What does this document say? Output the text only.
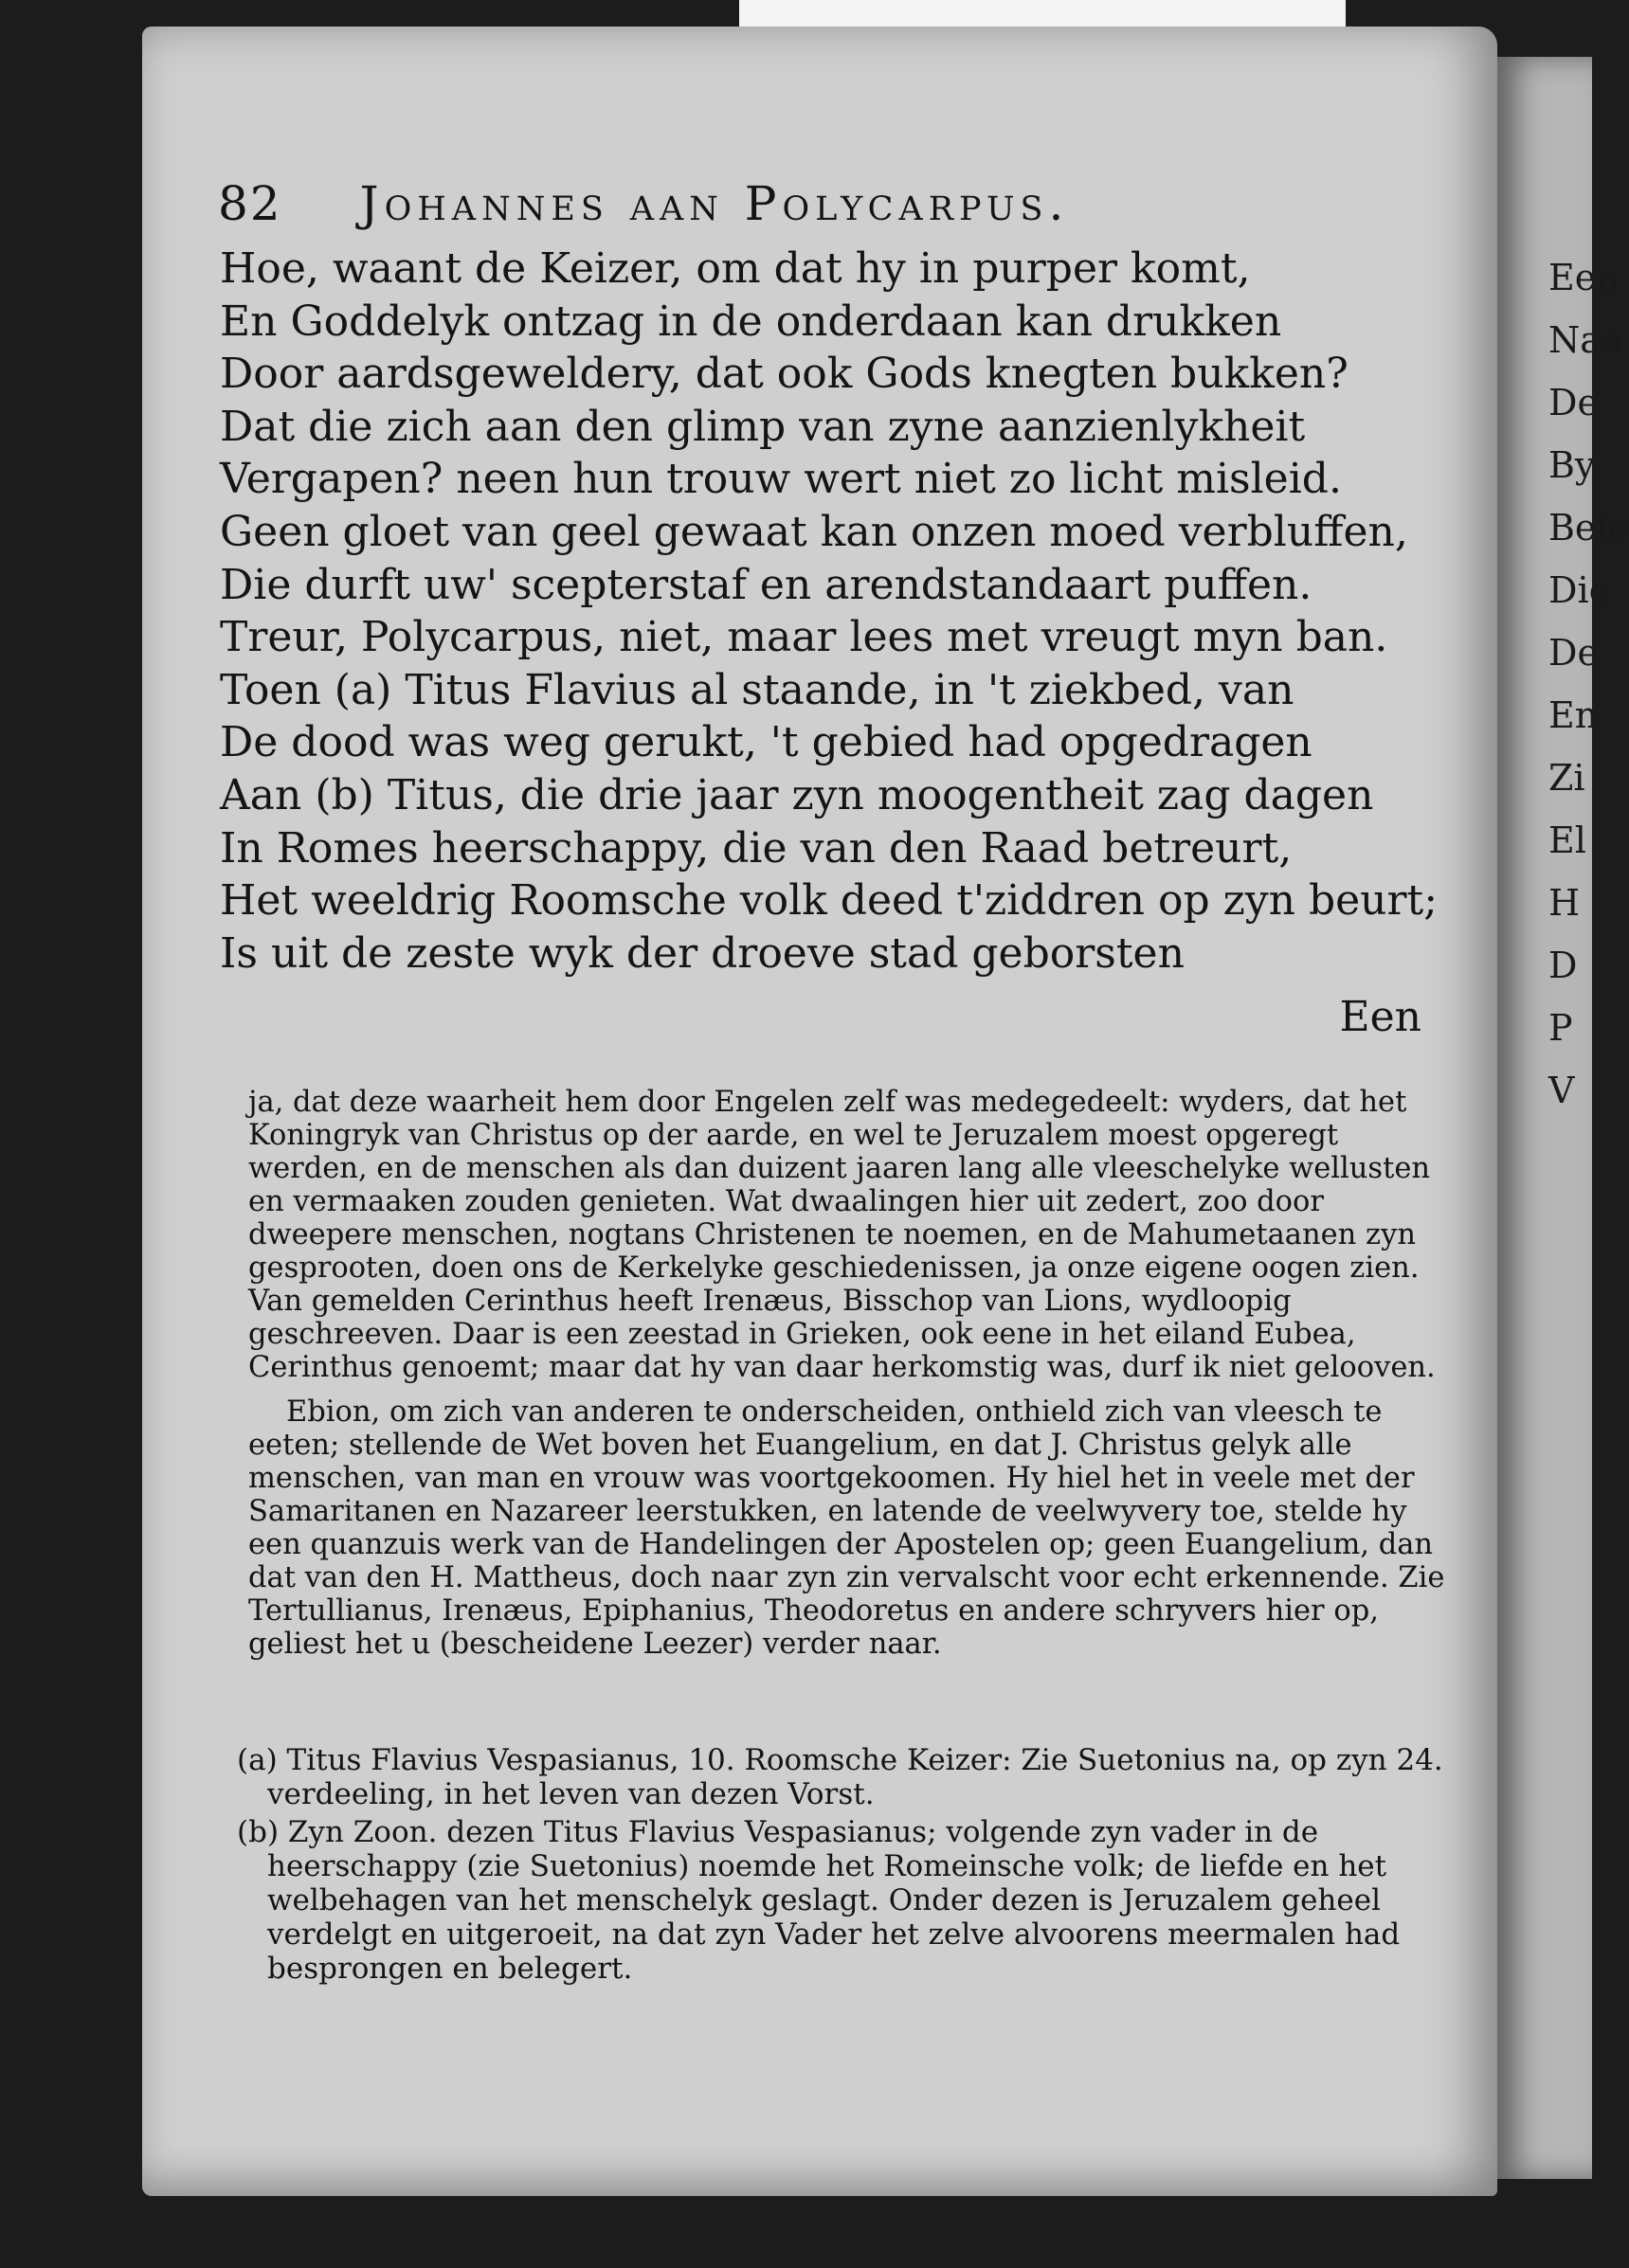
Een
Naa
De
By
Bele
Die
De
En
Zi
El
H
D
P
V
82 Johannes aan Polycarpus.
Hoe, waant de Keizer, om dat hy in purper komt,
En Goddelyk ontzag in de onderdaan kan drukken
Door aardsgeweldery, dat ook Gods knegten bukken?
Dat die zich aan den glimp van zyne aanzienlykheit
Vergapen? neen hun trouw wert niet zo licht misleid.
Geen gloet van geel gewaat kan onzen moed verbluffen,
Die durft uw' scepterstaf en arendstandaart puffen.
Treur, Polycarpus, niet, maar lees met vreugt myn ban.
Toen (a) Titus Flavius al staande, in 't ziekbed, van
De dood was weg gerukt, 't gebied had opgedragen
Aan (b) Titus, die drie jaar zyn moogentheit zag dagen
In Romes heerschappy, die van den Raad betreurt,
Het weeldrig Roomsche volk deed t'ziddren op zyn beurt;
Is uit de zeste wyk der droeve stad geborsten
Een

ja, dat deze waarheit hem door Engelen zelf was medegedeelt: wyders, dat het Koningryk van Christus op der aarde, en wel te Jeruzalem moest opgeregt werden, en de menschen als dan duizent jaaren lang alle vleeschelyke wellusten en vermaaken zouden genieten. Wat dwaalingen hier uit zedert, zoo door dweepere menschen, nogtans Christenen te noemen, en de Mahumetaanen zyn gesprooten, doen ons de Kerkelyke geschiedenissen, ja onze eigene oogen zien. Van gemelden Cerinthus heeft Irenæus, Bisschop van Lions, wydloopig geschreeven. Daar is een zeestad in Grieken, ook eene in het eiland Eubea, Cerinthus genoemt; maar dat hy van daar herkomstig was, durf ik niet gelooven.

Ebion, om zich van anderen te onderscheiden, onthield zich van vleesch te eeten; stellende de Wet boven het Euangelium, en dat J. Christus gelyk alle menschen, van man en vrouw was voortgekoomen. Hy hiel het in veele met der Samaritanen en Nazareer leerstukken, en latende de veelwyvery toe, stelde hy een quanzuis werk van de Handelingen der Apostelen op; geen Euangelium, dan dat van den H. Mattheus, doch naar zyn zin vervalscht voor echt erkennende. Zie Tertullianus, Irenæus, Epiphanius, Theodoretus en andere schryvers hier op, geliest het u (bescheidene Leezer) verder naar.

(a) Titus Flavius Vespasianus, 10. Roomsche Keizer: Zie Suetonius na, op zyn 24. verdeeling, in het leven van dezen Vorst.

(b) Zyn Zoon. dezen Titus Flavius Vespasianus; volgende zyn vader in de heerschappy (zie Suetonius) noemde het Romeinsche volk; de liefde en het welbehagen van het menschelyk geslagt. Onder dezen is Jeruzalem geheel verdelgt en uitgeroeit, na dat zyn Vader het zelve alvoorens meermalen had besprongen en belegert.
